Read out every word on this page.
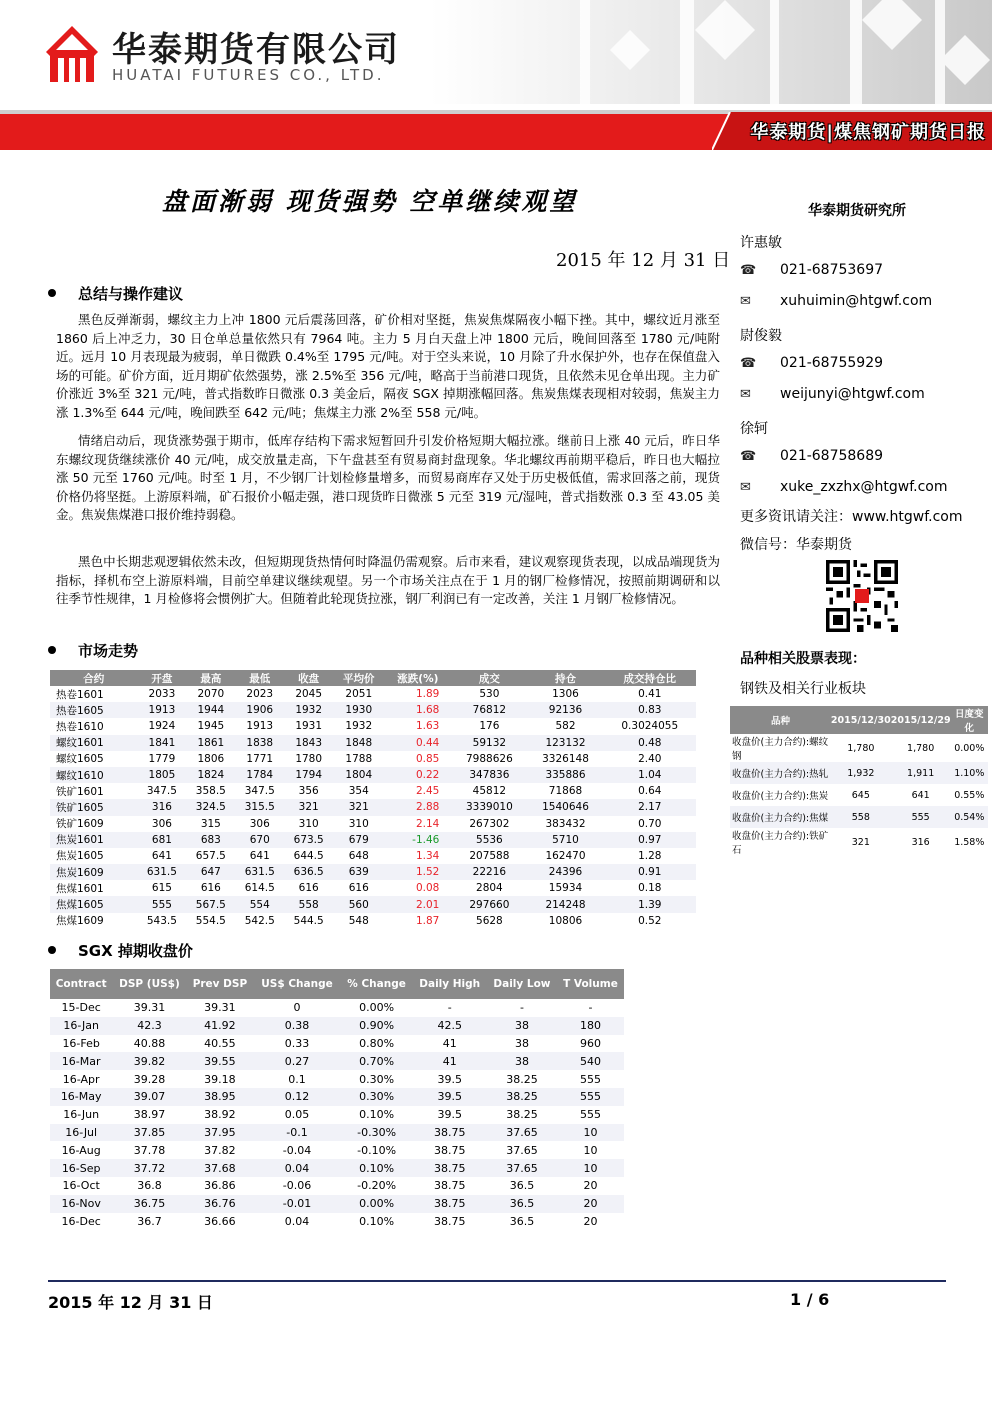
华泰期货有限公司
HUATAI FUTURES CO., LTD.
华泰期货|煤焦钢矿期货日报
盘面渐弱 现货强势 空单继续观望	华泰期货研究所
2015 年 12 月 31 日
许惠敏
☎ 021-68753697
✉ xuhuimin@htgwf.com
尉俊毅
☎ 021-68755929
✉ weijunyi@htgwf.com
徐轲
☎ 021-68758689
✉ xuke_zxzhx@htgwf.com
更多资讯请关注：www.htgwf.com
微信号：华泰期货
总结与操作建议
黑色反弹渐弱，螺纹主力上冲 1800 元后震荡回落，矿价相对坚挺，焦炭焦煤隔夜小幅下挫。其中，螺纹近月涨至 1860 后上冲乏力，30 日仓单总量依然只有 7964 吨。主力 5 月白天盘上冲 1800 元后，晚间回落至 1780 元/吨附近。远月 10 月表现最为疲弱，单日微跌 0.4%至 1795 元/吨。对于空头来说，10 月除了升水保护外，也存在保值盘入场的可能。矿价方面，近月期矿依然强势，涨 2.5%至 356 元/吨，略高于当前港口现货，且依然未见仓单出现。主力矿价涨近 3%至 321 元/吨，普式指数昨日微涨 0.3 美金后，隔夜 SGX 掉期涨幅回落。焦炭焦煤表现相对较弱，焦炭主力涨 1.3%至 644 元/吨，晚间跌至 642 元/吨；焦煤主力涨 2%至 558 元/吨。
情绪启动后，现货涨势强于期市，低库存结构下需求短暂回升引发价格短期大幅拉涨。继前日上涨 40 元后，昨日华东螺纹现货继续涨价 40 元/吨，成交放量走高，下午盘甚至有贸易商封盘现象。华北螺纹再前期平稳后，昨日也大幅拉涨 50 元至 1760 元/吨。时至 1 月，不少钢厂计划检修量增多，而贸易商库存又处于历史极低值，需求回落之前，现货价格仍将坚挺。上游原料端，矿石报价小幅走强，港口现货昨日微涨 5 元至 319 元/湿吨，普式指数涨 0.3 至 43.05 美金。焦炭焦煤港口报价维持弱稳。
黑色中长期悲观逻辑依然未改，但短期现货热情何时降温仍需观察。后市来看，建议观察现货表现，以成品端现货为指标，择机布空上游原料端，目前空单建议继续观望。另一个市场关注点在于 1 月的钢厂检修情况，按照前期调研和以往季节性规律，1 月检修将会惯例扩大。但随着此轮现货拉涨，钢厂利润已有一定改善，关注 1 月钢厂检修情况。
市场走势
合约	开盘	最高	最低	收盘	平均价	涨跌(%)	成交	持仓	成交持仓比
热卷1601	2033	2070	2023	2045	2051	1.89	530	1306	0.41
热卷1605	1913	1944	1906	1932	1930	1.68	76812	92136	0.83
热卷1610	1924	1945	1913	1931	1932	1.63	176	582	0.3024055
螺纹1601	1841	1861	1838	1843	1848	0.44	59132	123132	0.48
螺纹1605	1779	1806	1771	1780	1788	0.85	7988626	3326148	2.40
螺纹1610	1805	1824	1784	1794	1804	0.22	347836	335886	1.04
铁矿1601	347.5	358.5	347.5	356	354	2.45	45812	71868	0.64
铁矿1605	316	324.5	315.5	321	321	2.88	3339010	1540646	2.17
铁矿1609	306	315	306	310	310	2.14	267302	383432	0.70
焦炭1601	681	683	670	673.5	679	-1.46	5536	5710	0.97
焦炭1605	641	657.5	641	644.5	648	1.34	207588	162470	1.28
焦炭1609	631.5	647	631.5	636.5	639	1.52	22216	24396	0.91
焦煤1601	615	616	614.5	616	616	0.08	2804	15934	0.18
焦煤1605	555	567.5	554	558	560	2.01	297660	214248	1.39
焦煤1609	543.5	554.5	542.5	544.5	548	1.87	5628	10806	0.52
SGX 掉期收盘价
Contract	DSP (US$)	Prev DSP	US$ Change	% Change	Daily High	Daily Low	T Volume
15-Dec	39.31	39.31	0	0.00%	-	-	-
16-Jan	42.3	41.92	0.38	0.90%	42.5	38	180
16-Feb	40.88	40.55	0.33	0.80%	41	38	960
16-Mar	39.82	39.55	0.27	0.70%	41	38	540
16-Apr	39.28	39.18	0.1	0.30%	39.5	38.25	555
16-May	39.07	38.95	0.12	0.30%	39.5	38.25	555
16-Jun	38.97	38.92	0.05	0.10%	39.5	38.25	555
16-Jul	37.85	37.95	-0.1	-0.30%	38.75	37.65	10
16-Aug	37.78	37.82	-0.04	-0.10%	38.75	37.65	10
16-Sep	37.72	37.68	0.04	0.10%	38.75	37.65	10
16-Oct	36.8	36.86	-0.06	-0.20%	38.75	36.5	20
16-Nov	36.75	36.76	-0.01	0.00%	38.75	36.5	20
16-Dec	36.7	36.66	0.04	0.10%	38.75	36.5	20
品种相关股票表现：
钢铁及相关行业板块
品种	2015/12/30	2015/12/29	日度变化
收盘价(主力合约):螺纹钢	1,780	1,780	0.00%
收盘价(主力合约):热轧	1,932	1,911	1.10%
收盘价(主力合约):焦炭	645	641	0.55%
收盘价(主力合约):焦煤	558	555	0.54%
收盘价(主力合约):铁矿石	321	316	1.58%
2015 年 12 月 31 日	1 / 6
